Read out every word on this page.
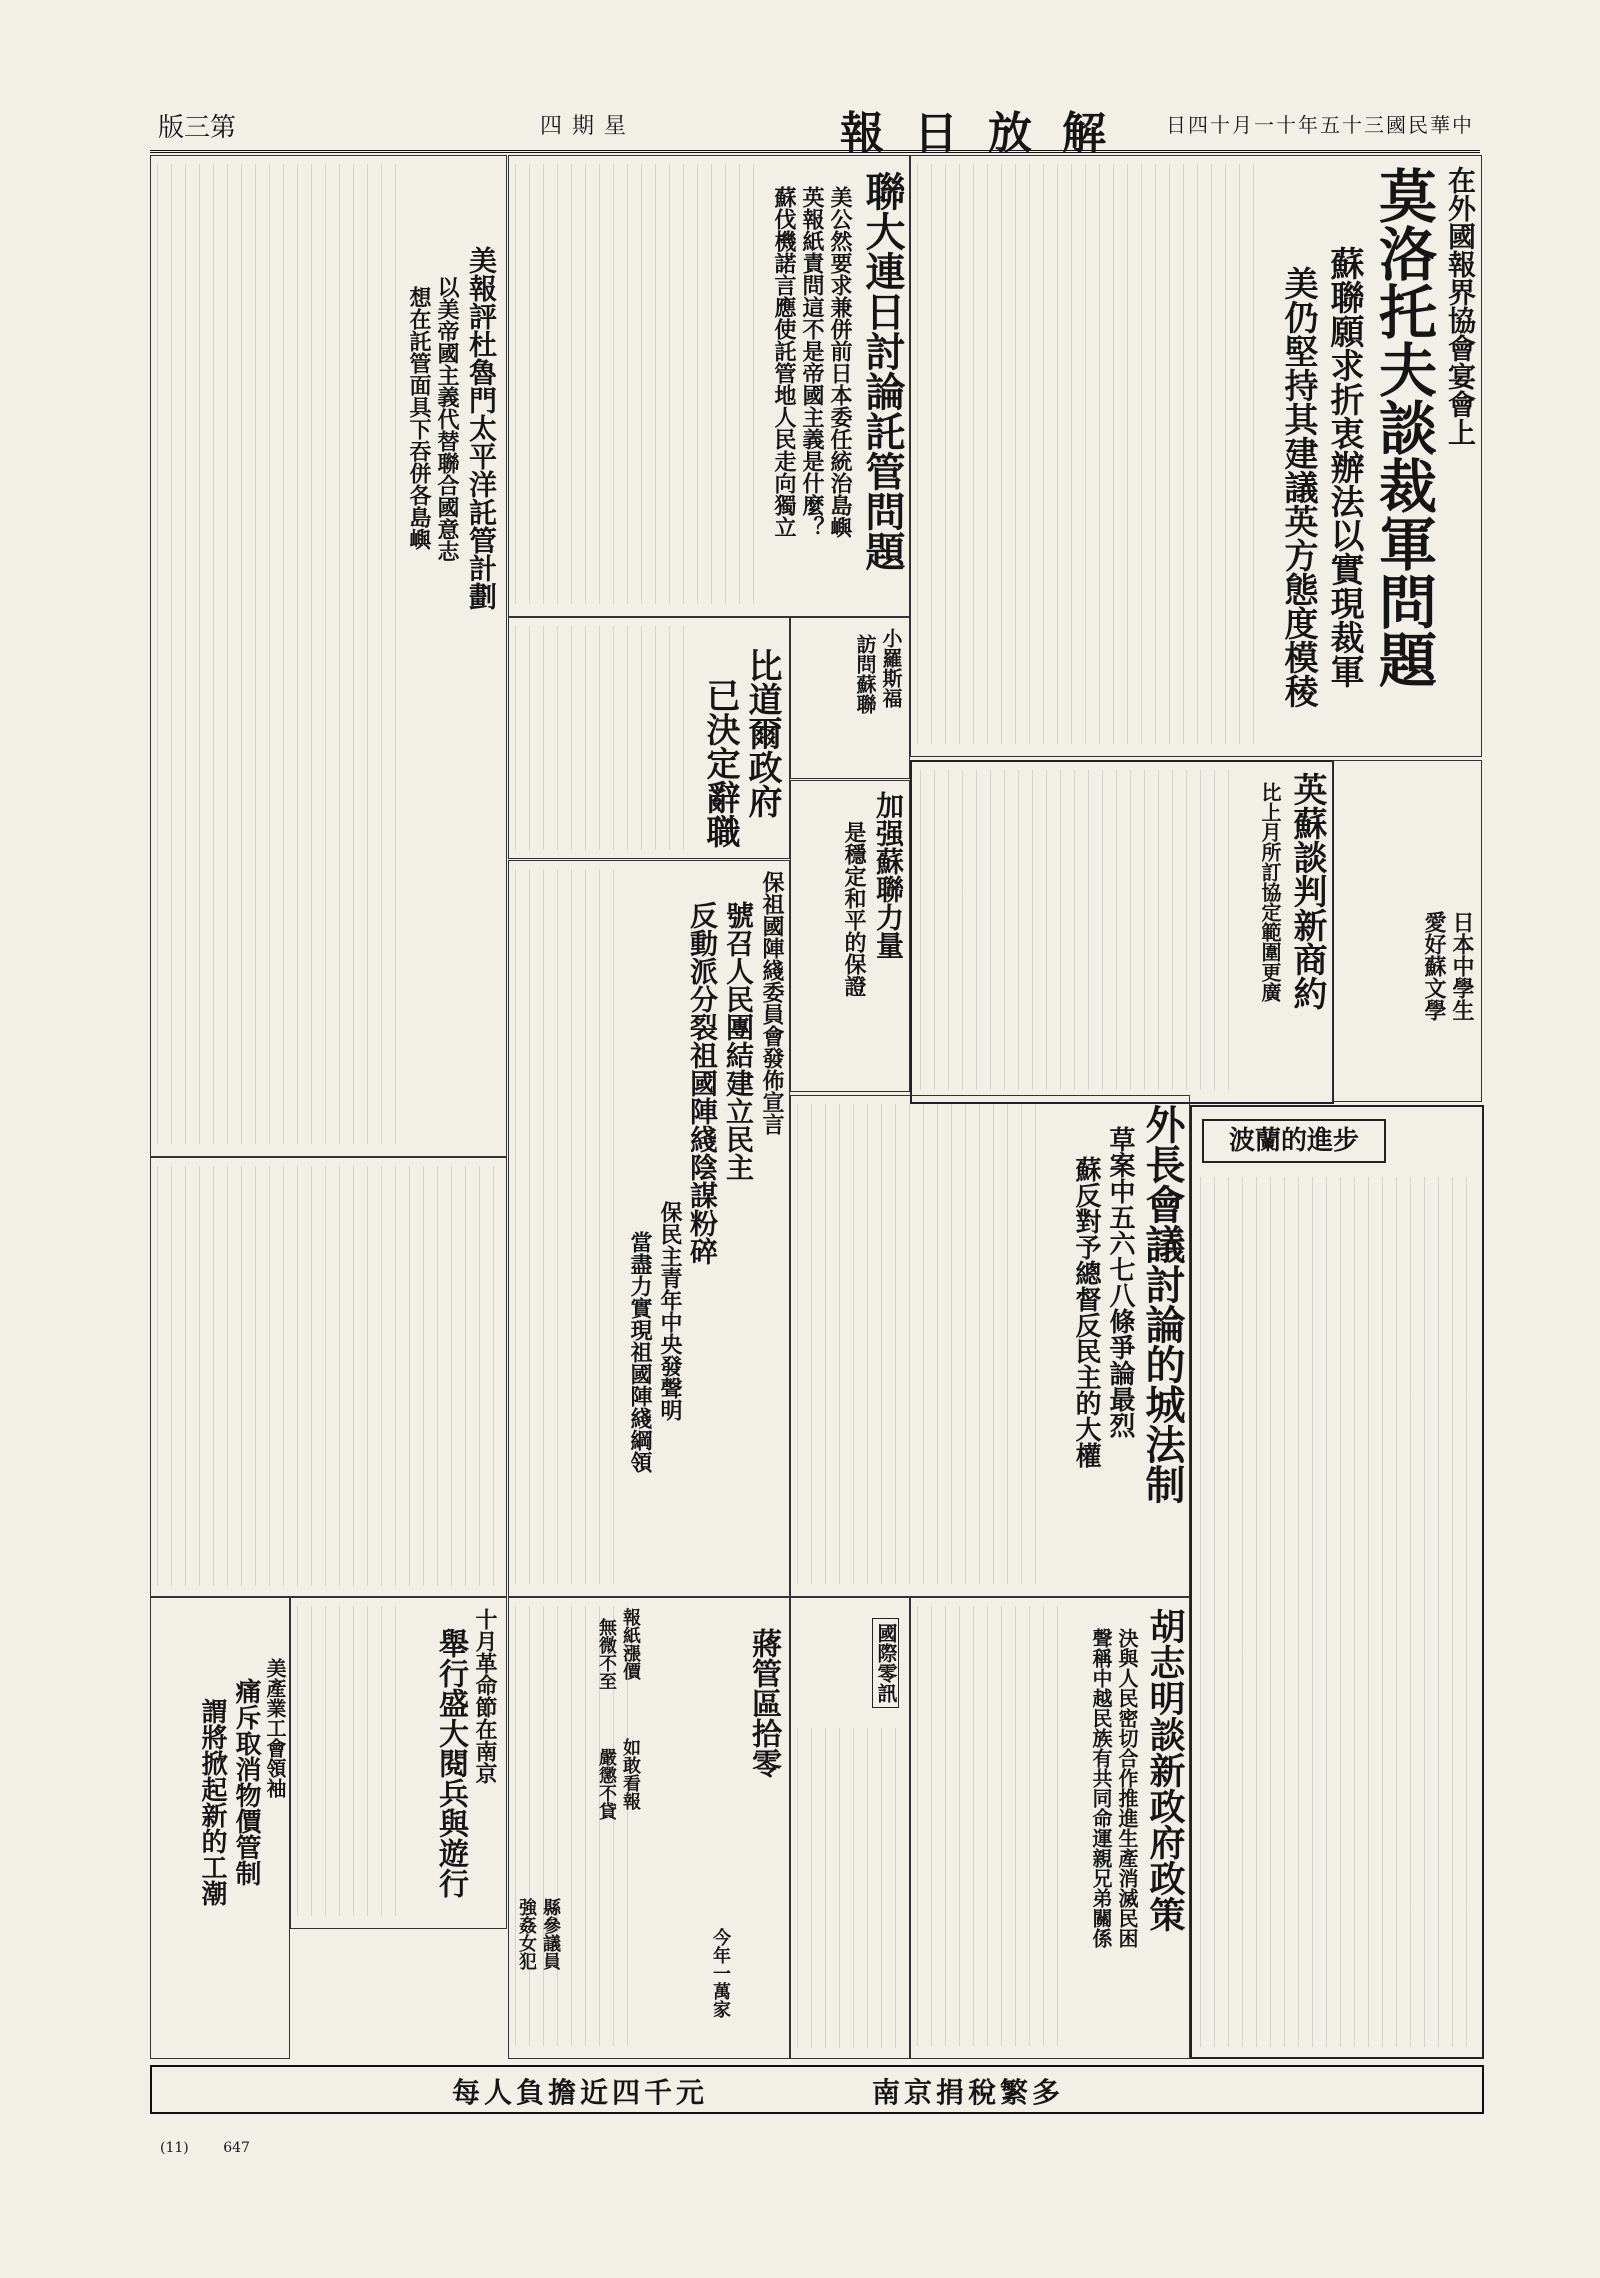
版三第	四期星	報日放解 日四十月一十年五十三國民華中
在外國報界協會宴會上
莫洛托夫談裁軍問題
蘇聯願求折衷辦法以實現裁軍
美仍堅持其建議英方態度模稜
聯大連日討論託管問題
美公然要求兼併前日本委任統治島嶼
英報紙責問這不是帝國主義是什麼？
蘇伐機諾言應使託管地人民走向獨立
美報評杜魯門太平洋託管計劃
以美帝國主義代替聯合國意志
想在託管面具下吞併各島嶼
小羅斯福
訪問蘇聯
比道爾政府
已決定辭職
加强蘇聯力量
是穩定和平的保證	英蘇談判新商約
比上月所訂協定範圍更廣	日本中學生
愛好蘇文學
波蘭的進步
外長會議討論的城法制
草案中五六七八條爭論最烈
蘇反對予總督反民主的大權
保祖國陣綫委員會發佈宣言
號召人民團結建立民主
反動派分裂祖國陣綫陰謀粉碎
保民主青年中央發聲明
當盡力實現祖國陣綫綱領
胡志明談新政府政策
決與人民密切合作推進生產消滅民困
聲稱中越民族有共同命運親兄弟關係
國際零訊
蔣管區拾零
如敢看報
嚴懲不貸
報紙漲價
無微不至
縣參議員
強姦女犯	今年一萬家
十月革命節在南京
舉行盛大閱兵與遊行
美產業工會領袖
痛斥取消物價管制
謂將掀起新的工潮
每人負擔近四千元	南京捐稅繁多
(11) 647
